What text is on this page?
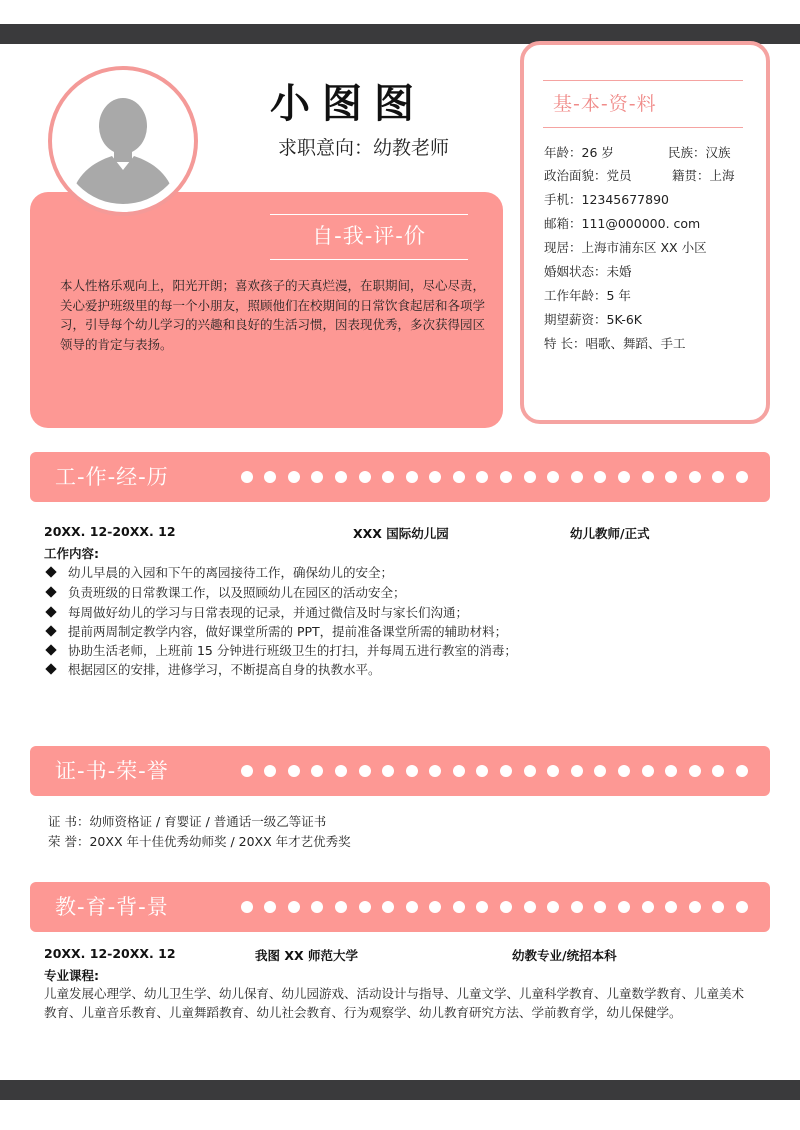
小图图
求职意向：幼教老师
自-我-评-价
本人性格乐观向上，阳光开朗；喜欢孩子的天真烂漫，在职期间，尽心尽责，关心爱护班级里的每一个小朋友，照顾他们在校期间的日常饮食起居和各项学习，引导每个幼儿学习的兴趣和良好的生活习惯，因表现优秀，多次获得园区领导的肯定与表扬。
基-本-资-料
年龄：26 岁	民族：汉族
政治面貌：党员	籍贯：上海
手机：12345677890
邮箱：111@000000. com
现居：上海市浦东区 XX 小区
婚姻状态：未婚
工作年龄：5 年
期望薪资：5K-6K
特 长：唱歌、舞蹈、手工
工-作-经-历
20XX. 12-20XX. 12	XXX 国际幼儿园	幼儿教师/正式
工作内容:
幼儿早晨的入园和下午的离园接待工作，确保幼儿的安全；
负责班级的日常教课工作，以及照顾幼儿在园区的活动安全；
每周做好幼儿的学习与日常表现的记录，并通过微信及时与家长们沟通；
提前两周制定教学内容，做好课堂所需的 PPT，提前准备课堂所需的辅助材料；
协助生活老师，上班前 15 分钟进行班级卫生的打扫，并每周五进行教室的消毒；
根据园区的安排，进修学习，不断提高自身的执教水平。
证-书-荣-誉
证 书：幼师资格证 / 育婴证 / 普通话一级乙等证书
荣 誉：20XX 年十佳优秀幼师奖 / 20XX 年才艺优秀奖
教-育-背-景
20XX. 12-20XX. 12	我图 XX 师范大学	幼教专业/统招本科
专业课程:
儿童发展心理学、幼儿卫生学、幼儿保育、幼儿园游戏、活动设计与指导、儿童文学、儿童科学教育、儿童数学教育、儿童美术教育、儿童音乐教育、儿童舞蹈教育、幼儿社会教育、行为观察学、幼儿教育研究方法、学前教育学，幼儿保健学。
